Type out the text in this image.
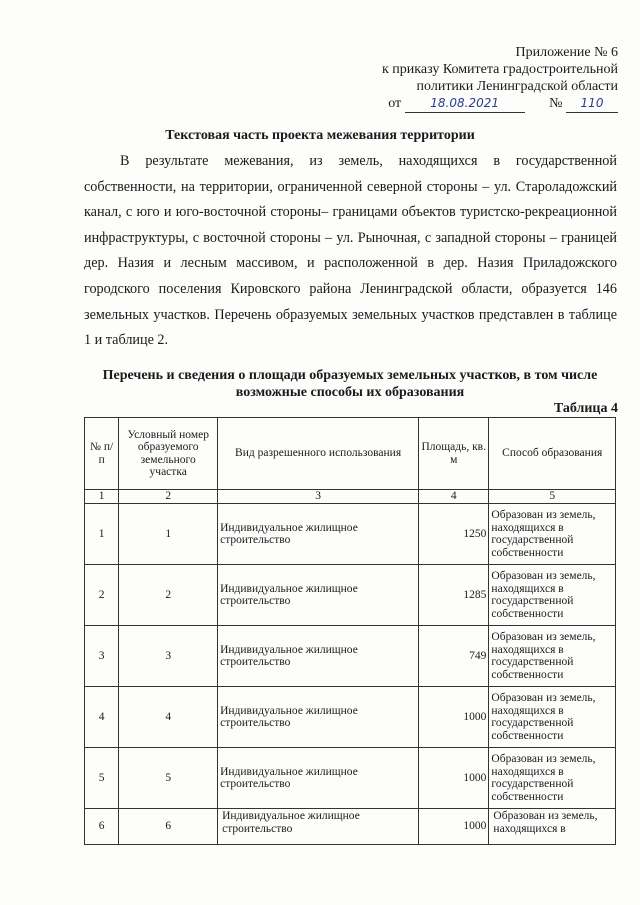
Приложение № 6
к приказу Комитета градостроительной
политики Ленинградской области
от 18.08.2021	№ 110
Текстовая часть проекта межевания территории

В результате межевания, из земель, находящихся в государственной собственности, на территории, ограниченной северной стороны – ул. Староладожский канал, с юго и юго-восточной стороны– границами объектов туристско-рекреационной инфраструктуры, с восточной стороны – ул. Рыночная, с западной стороны – границей дер. Назия и лесным массивом, и расположенной в дер. Назия Приладожского городского поселения Кировского района Ленинградской области, образуется 146 земельных участков. Перечень образуемых земельных участков представлен в таблице 1 и таблице 2.

Перечень и сведения о площади образуемых земельных участков, в том числе возможные способы их образования
Таблица 4
№ п/п	Условный номер образуемого земельного участка	Вид разрешенного использования	Площадь, кв. м	Способ образования
1	2	3	4	5
1	1	Индивидуальное жилищное строительство	1250	Образован из земель, находящихся в государственной собственности
2	2	Индивидуальное жилищное строительство	1285	Образован из земель, находящихся в государственной собственности
3	3	Индивидуальное жилищное строительство	749	Образован из земель, находящихся в государственной собственности
4	4	Индивидуальное жилищное строительство	1000	Образован из земель, находящихся в государственной собственности
5	5	Индивидуальное жилищное строительство	1000	Образован из земель, находящихся в государственной собственности
6	6	Индивидуальное жилищное строительство	1000	Образован из земель, находящихся в
